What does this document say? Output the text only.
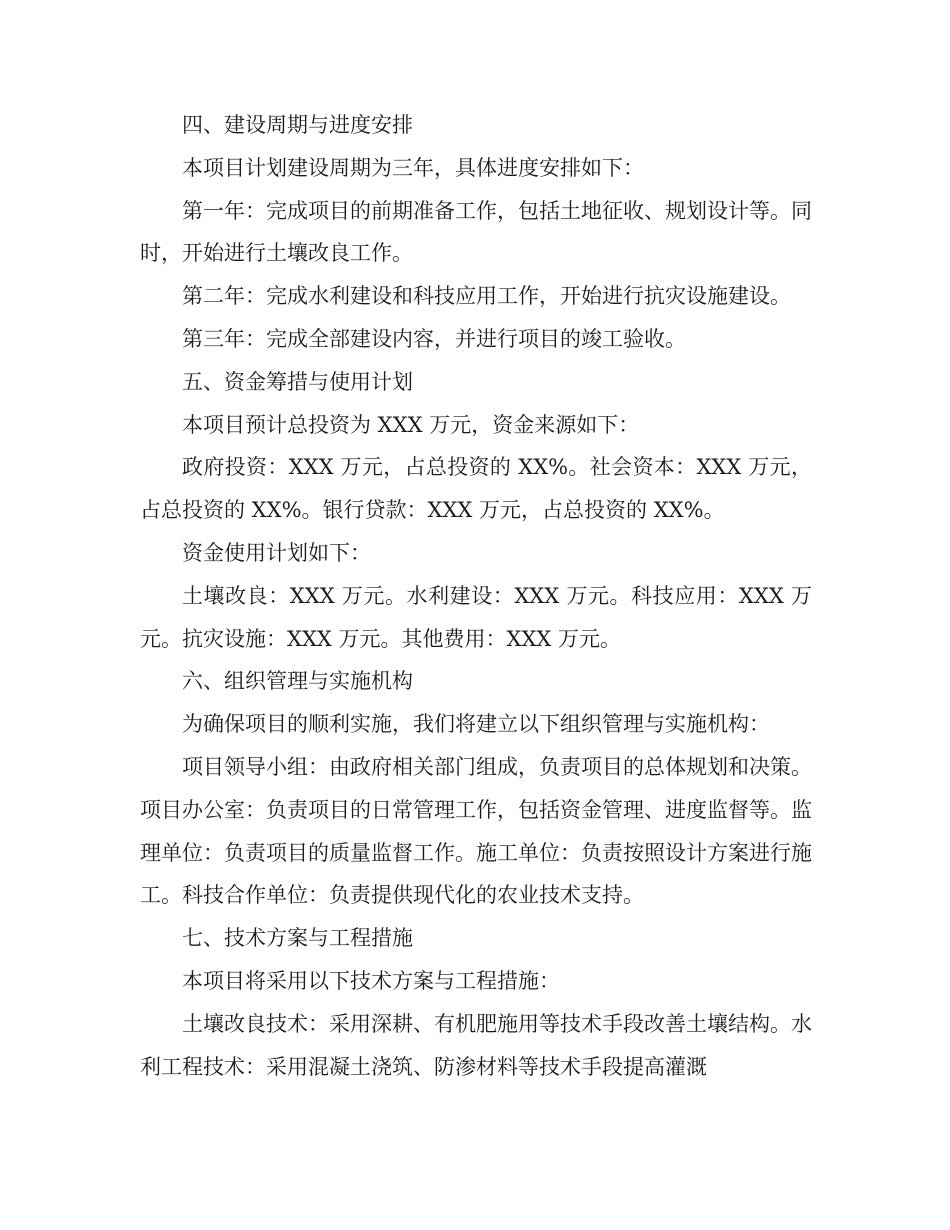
四、建设周期与进度安排

本项目计划建设周期为三年，具体进度安排如下：

第一年：完成项目的前期准备工作，包括土地征收、规划设计等。同时，开始进行土壤改良工作。

第二年：完成水利建设和科技应用工作，开始进行抗灾设施建设。

第三年：完成全部建设内容，并进行项目的竣工验收。

五、资金筹措与使用计划

本项目预计总投资为 XXX 万元，资金来源如下：

政府投资：XXX 万元，占总投资的 XX%。社会资本：XXX 万元，占总投资的 XX%。银行贷款：XXX 万元，占总投资的 XX%。

资金使用计划如下：

土壤改良：XXX 万元。水利建设：XXX 万元。科技应用：XXX 万元。抗灾设施：XXX 万元。其他费用：XXX 万元。

六、组织管理与实施机构

为确保项目的顺利实施，我们将建立以下组织管理与实施机构：

项目领导小组：由政府相关部门组成，负责项目的总体规划和决策。项目办公室：负责项目的日常管理工作，包括资金管理、进度监督等。监理单位：负责项目的质量监督工作。施工单位：负责按照设计方案进行施工。科技合作单位：负责提供现代化的农业技术支持。

七、技术方案与工程措施

本项目将采用以下技术方案与工程措施：

土壤改良技术：采用深耕、有机肥施用等技术手段改善土壤结构。水利工程技术：采用混凝土浇筑、防渗材料等技术手段提高灌溉
